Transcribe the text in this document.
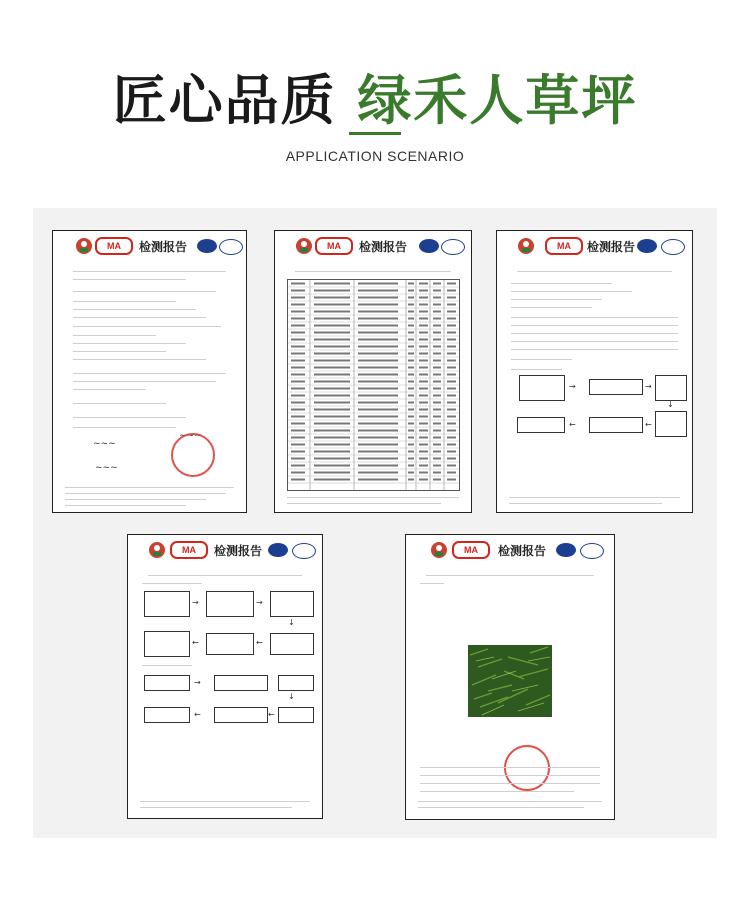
匠心品质 绿禾人草坪
APPLICATION SCENARIO
MA	检测报告
~~~
~~~
~~~
MA	检测报告	MA	检测报告
→	→
↓
←	←
MA	检测报告
→	→
↓
←	←
→
↓
←	←
MA	检测报告
